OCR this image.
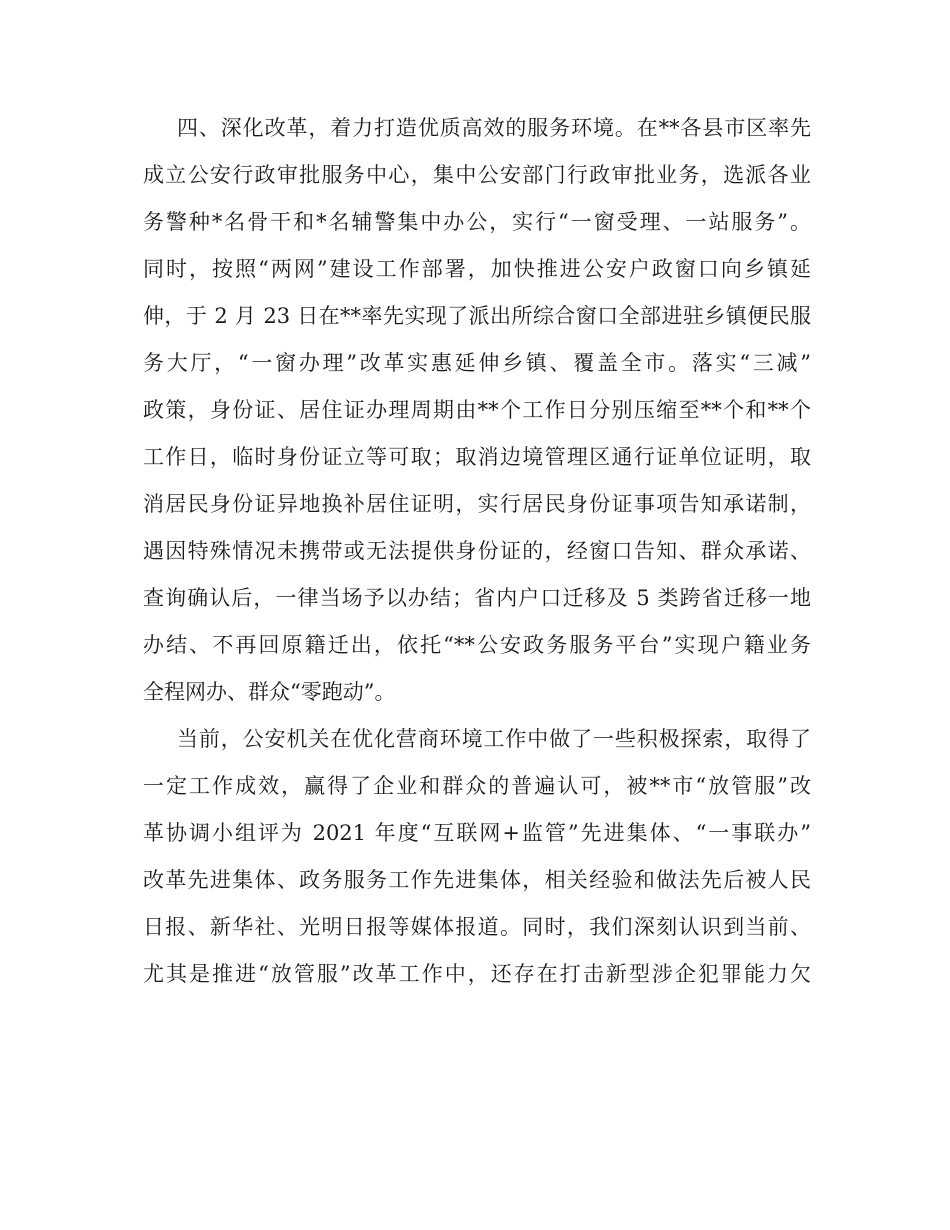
四、深化改革，着力打造优质高效的服务环境。在**各县市区率先
成立公安行政审批服务中心，集中公安部门行政审批业务，选派各业
务警种*名骨干和*名辅警集中办公，实行“一窗受理、一站服务”。
同时，按照“两网”建设工作部署，加快推进公安户政窗口向乡镇延
伸，于 2 月 23 日在**率先实现了派出所综合窗口全部进驻乡镇便民服
务大厅，“一窗办理”改革实惠延伸乡镇、覆盖全市。落实“三减”
政策，身份证、居住证办理周期由**个工作日分别压缩至**个和**个
工作日，临时身份证立等可取；取消边境管理区通行证单位证明，取
消居民身份证异地换补居住证明，实行居民身份证事项告知承诺制，
遇因特殊情况未携带或无法提供身份证的，经窗口告知、群众承诺、
查询确认后，一律当场予以办结；省内户口迁移及 5 类跨省迁移一地
办结、不再回原籍迁出，依托“**公安政务服务平台”实现户籍业务
全程网办、群众“零跑动”。
当前，公安机关在优化营商环境工作中做了一些积极探索，取得了
一定工作成效，赢得了企业和群众的普遍认可，被**市“放管服”改
革协调小组评为 2021 年度“互联网+监管”先进集体、“一事联办”
改革先进集体、政务服务工作先进集体，相关经验和做法先后被人民
日报、新华社、光明日报等媒体报道。同时，我们深刻认识到当前、
尤其是推进“放管服”改革工作中，还存在打击新型涉企犯罪能力欠
